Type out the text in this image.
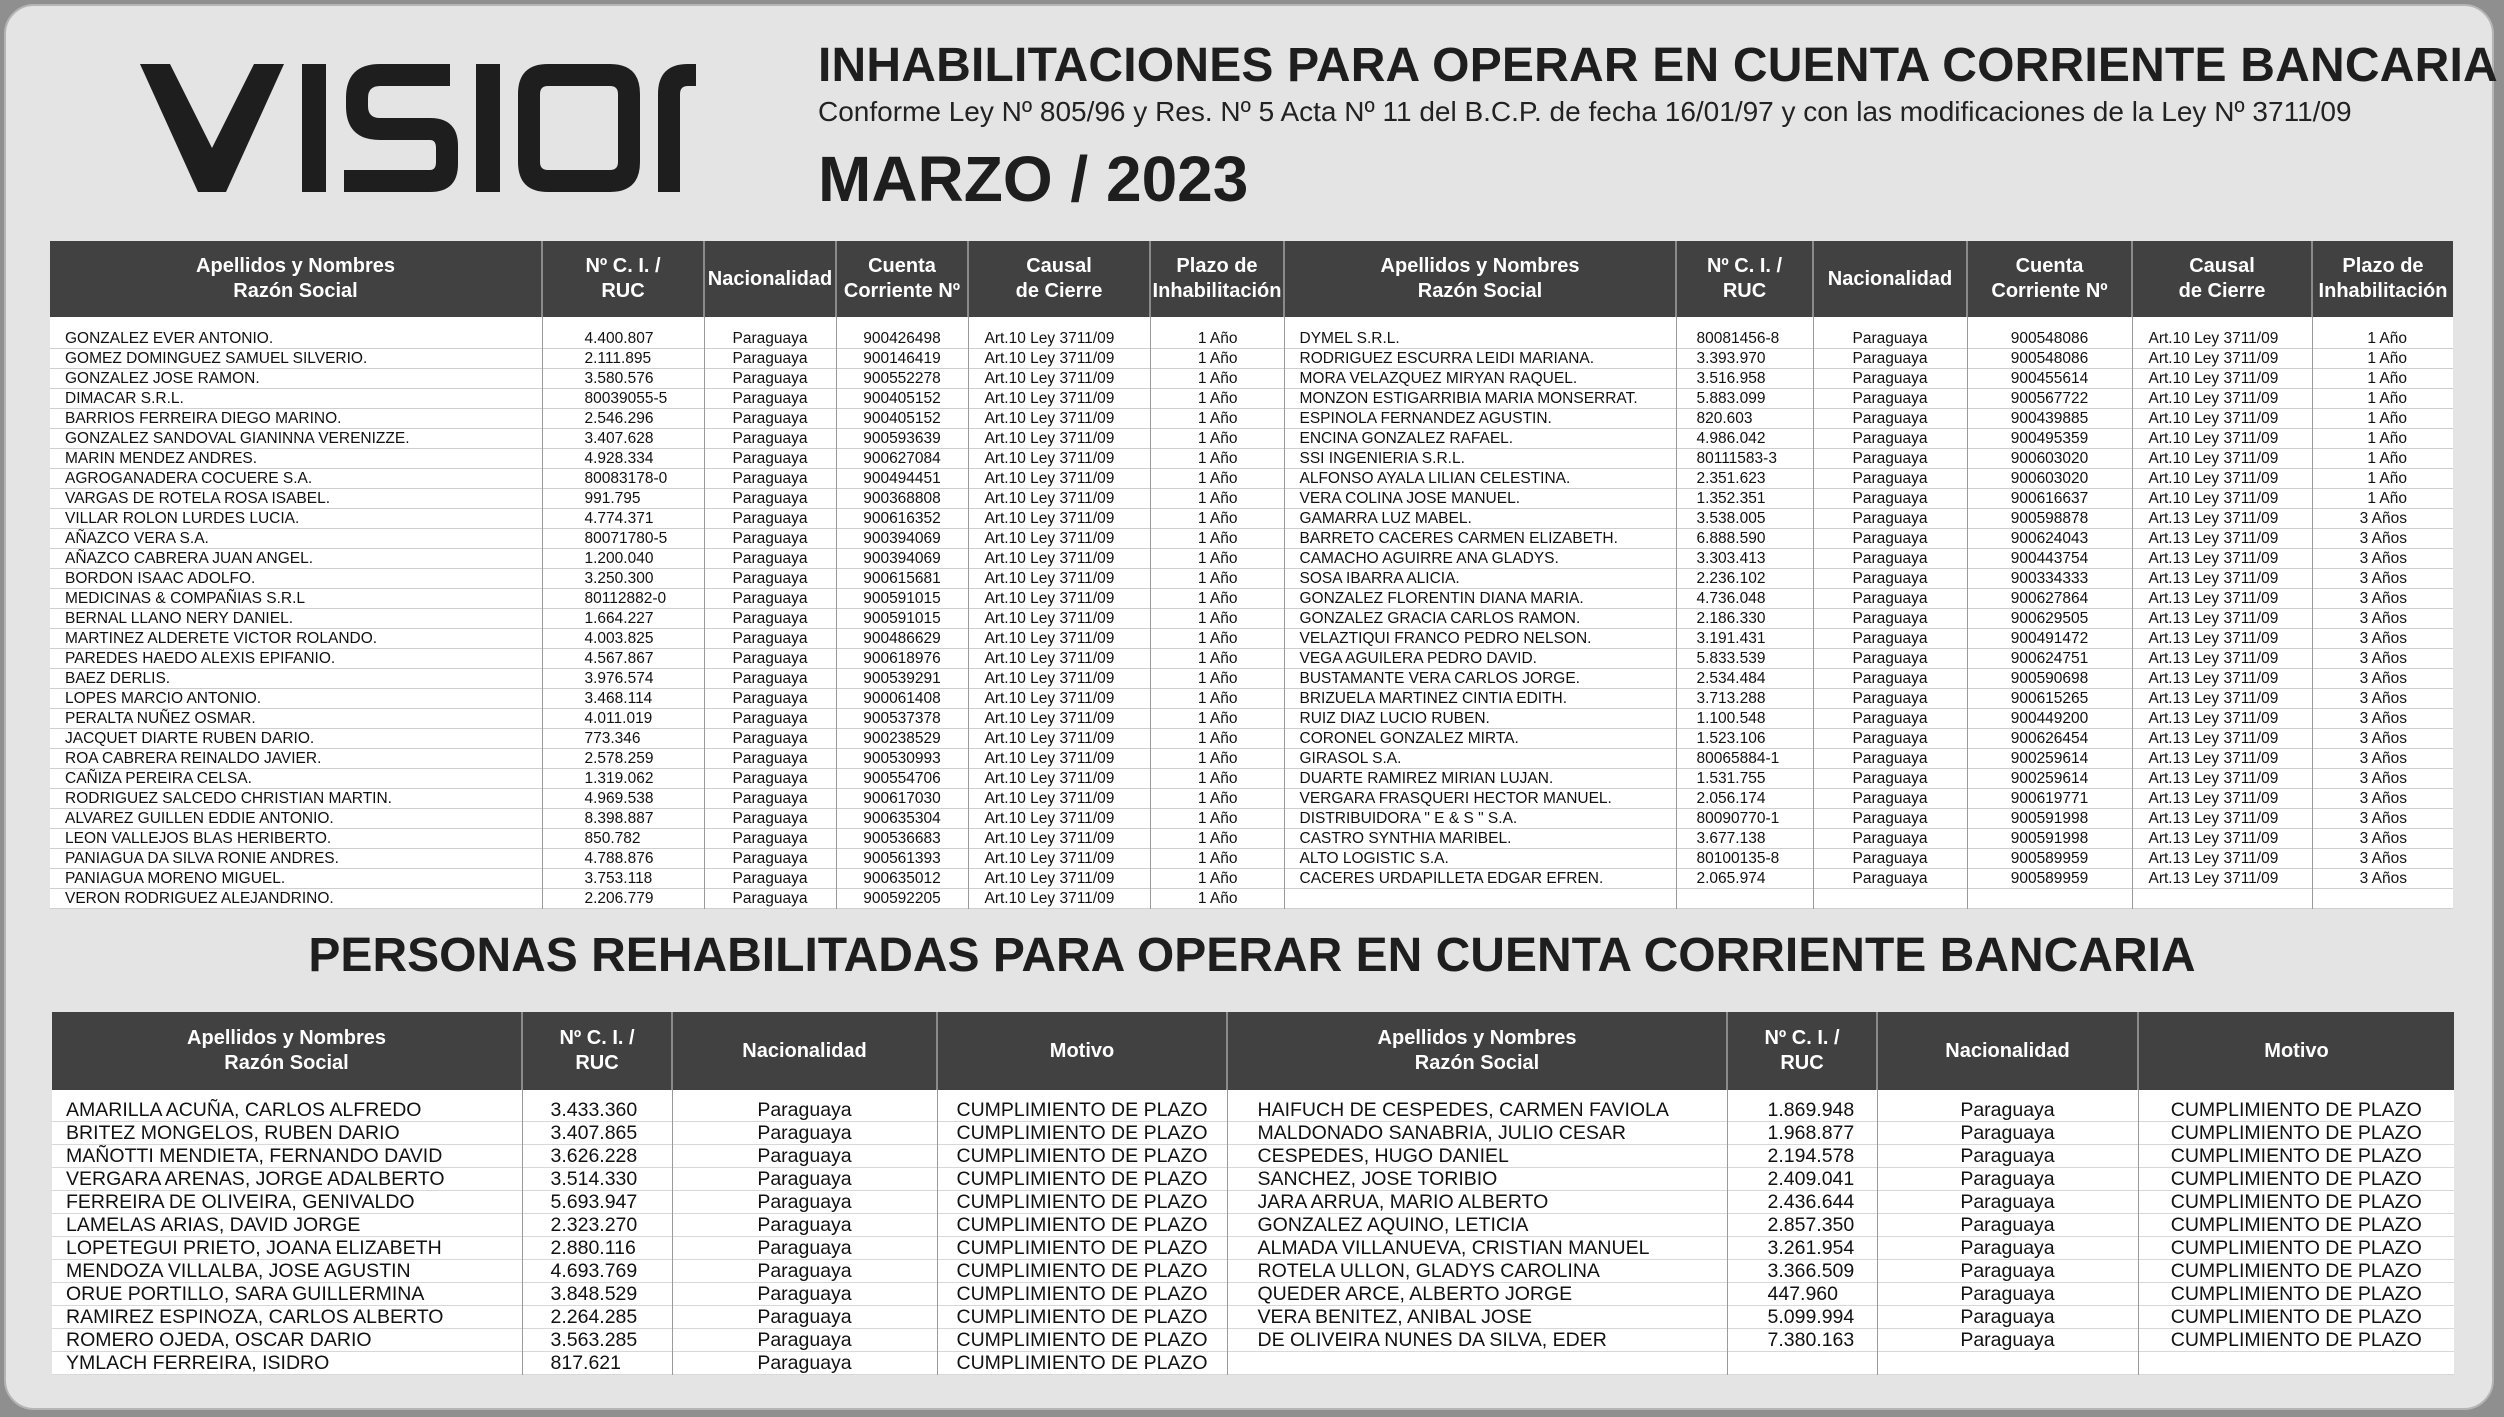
INHABILITACIONES PARA OPERAR EN CUENTA CORRIENTE BANCARIA
Conforme Ley Nº 805/96 y Res. Nº 5 Acta Nº 11 del B.C.P. de fecha 16/01/97 y con las modificaciones de la Ley Nº 3711/09
MARZO / 2023
Apellidos y Nombres
Razón Social	Nº C. I. /
RUC	Nacionalidad	Cuenta
Corriente Nº	Causal
de Cierre	Plazo de
Inhabilitación	Apellidos y Nombres
Razón Social	Nº C. I. /
RUC	Nacionalidad	Cuenta
Corriente Nº	Causal
de Cierre	Plazo de
Inhabilitación

GONZALEZ EVER ANTONIO.	4.400.807	Paraguaya	900426498	Art.10 Ley 3711/09	1 Año	DYMEL S.R.L.	80081456-8	Paraguaya	900548086	Art.10 Ley 3711/09	1 Año
GOMEZ DOMINGUEZ SAMUEL SILVERIO.	2.111.895	Paraguaya	900146419	Art.10 Ley 3711/09	1 Año	RODRIGUEZ ESCURRA LEIDI MARIANA.	3.393.970	Paraguaya	900548086	Art.10 Ley 3711/09	1 Año
GONZALEZ JOSE RAMON.	3.580.576	Paraguaya	900552278	Art.10 Ley 3711/09	1 Año	MORA VELAZQUEZ MIRYAN RAQUEL.	3.516.958	Paraguaya	900455614	Art.10 Ley 3711/09	1 Año
DIMACAR S.R.L.	80039055-5	Paraguaya	900405152	Art.10 Ley 3711/09	1 Año	MONZON ESTIGARRIBIA MARIA MONSERRAT.	5.883.099	Paraguaya	900567722	Art.10 Ley 3711/09	1 Año
BARRIOS FERREIRA DIEGO MARINO.	2.546.296	Paraguaya	900405152	Art.10 Ley 3711/09	1 Año	ESPINOLA FERNANDEZ AGUSTIN.	820.603	Paraguaya	900439885	Art.10 Ley 3711/09	1 Año
GONZALEZ SANDOVAL GIANINNA VERENIZZE.	3.407.628	Paraguaya	900593639	Art.10 Ley 3711/09	1 Año	ENCINA GONZALEZ RAFAEL.	4.986.042	Paraguaya	900495359	Art.10 Ley 3711/09	1 Año
MARIN MENDEZ ANDRES.	4.928.334	Paraguaya	900627084	Art.10 Ley 3711/09	1 Año	SSI INGENIERIA S.R.L.	80111583-3	Paraguaya	900603020	Art.10 Ley 3711/09	1 Año
AGROGANADERA COCUERE S.A.	80083178-0	Paraguaya	900494451	Art.10 Ley 3711/09	1 Año	ALFONSO AYALA LILIAN CELESTINA.	2.351.623	Paraguaya	900603020	Art.10 Ley 3711/09	1 Año
VARGAS DE ROTELA ROSA ISABEL.	991.795	Paraguaya	900368808	Art.10 Ley 3711/09	1 Año	VERA COLINA JOSE MANUEL.	1.352.351	Paraguaya	900616637	Art.10 Ley 3711/09	1 Año
VILLAR ROLON LURDES LUCIA.	4.774.371	Paraguaya	900616352	Art.10 Ley 3711/09	1 Año	GAMARRA LUZ MABEL.	3.538.005	Paraguaya	900598878	Art.13 Ley 3711/09	3 Años
AÑAZCO VERA S.A.	80071780-5	Paraguaya	900394069	Art.10 Ley 3711/09	1 Año	BARRETO CACERES CARMEN ELIZABETH.	6.888.590	Paraguaya	900624043	Art.13 Ley 3711/09	3 Años
AÑAZCO CABRERA JUAN ANGEL.	1.200.040	Paraguaya	900394069	Art.10 Ley 3711/09	1 Año	CAMACHO AGUIRRE ANA GLADYS.	3.303.413	Paraguaya	900443754	Art.13 Ley 3711/09	3 Años
BORDON ISAAC ADOLFO.	3.250.300	Paraguaya	900615681	Art.10 Ley 3711/09	1 Año	SOSA IBARRA ALICIA.	2.236.102	Paraguaya	900334333	Art.13 Ley 3711/09	3 Años
MEDICINAS & COMPAÑIAS S.R.L	80112882-0	Paraguaya	900591015	Art.10 Ley 3711/09	1 Año	GONZALEZ FLORENTIN DIANA MARIA.	4.736.048	Paraguaya	900627864	Art.13 Ley 3711/09	3 Años
BERNAL LLANO NERY DANIEL.	1.664.227	Paraguaya	900591015	Art.10 Ley 3711/09	1 Año	GONZALEZ GRACIA CARLOS RAMON.	2.186.330	Paraguaya	900629505	Art.13 Ley 3711/09	3 Años
MARTINEZ ALDERETE VICTOR ROLANDO.	4.003.825	Paraguaya	900486629	Art.10 Ley 3711/09	1 Año	VELAZTIQUI FRANCO PEDRO NELSON.	3.191.431	Paraguaya	900491472	Art.13 Ley 3711/09	3 Años
PAREDES HAEDO ALEXIS EPIFANIO.	4.567.867	Paraguaya	900618976	Art.10 Ley 3711/09	1 Año	VEGA AGUILERA PEDRO DAVID.	5.833.539	Paraguaya	900624751	Art.13 Ley 3711/09	3 Años
BAEZ DERLIS.	3.976.574	Paraguaya	900539291	Art.10 Ley 3711/09	1 Año	BUSTAMANTE VERA CARLOS JORGE.	2.534.484	Paraguaya	900590698	Art.13 Ley 3711/09	3 Años
LOPES MARCIO ANTONIO.	3.468.114	Paraguaya	900061408	Art.10 Ley 3711/09	1 Año	BRIZUELA MARTINEZ CINTIA EDITH.	3.713.288	Paraguaya	900615265	Art.13 Ley 3711/09	3 Años
PERALTA NUÑEZ OSMAR.	4.011.019	Paraguaya	900537378	Art.10 Ley 3711/09	1 Año	RUIZ DIAZ LUCIO RUBEN.	1.100.548	Paraguaya	900449200	Art.13 Ley 3711/09	3 Años
JACQUET DIARTE RUBEN DARIO.	773.346	Paraguaya	900238529	Art.10 Ley 3711/09	1 Año	CORONEL GONZALEZ MIRTA.	1.523.106	Paraguaya	900626454	Art.13 Ley 3711/09	3 Años
ROA CABRERA REINALDO JAVIER.	2.578.259	Paraguaya	900530993	Art.10 Ley 3711/09	1 Año	GIRASOL S.A.	80065884-1	Paraguaya	900259614	Art.13 Ley 3711/09	3 Años
CAÑIZA PEREIRA CELSA.	1.319.062	Paraguaya	900554706	Art.10 Ley 3711/09	1 Año	DUARTE RAMIREZ MIRIAN LUJAN.	1.531.755	Paraguaya	900259614	Art.13 Ley 3711/09	3 Años
RODRIGUEZ SALCEDO CHRISTIAN MARTIN.	4.969.538	Paraguaya	900617030	Art.10 Ley 3711/09	1 Año	VERGARA FRASQUERI HECTOR MANUEL.	2.056.174	Paraguaya	900619771	Art.13 Ley 3711/09	3 Años
ALVAREZ GUILLEN EDDIE ANTONIO.	8.398.887	Paraguaya	900635304	Art.10 Ley 3711/09	1 Año	DISTRIBUIDORA " E & S " S.A.	80090770-1	Paraguaya	900591998	Art.13 Ley 3711/09	3 Años
LEON VALLEJOS BLAS HERIBERTO.	850.782	Paraguaya	900536683	Art.10 Ley 3711/09	1 Año	CASTRO SYNTHIA MARIBEL.	3.677.138	Paraguaya	900591998	Art.13 Ley 3711/09	3 Años
PANIAGUA DA SILVA RONIE ANDRES.	4.788.876	Paraguaya	900561393	Art.10 Ley 3711/09	1 Año	ALTO LOGISTIC S.A.	80100135-8	Paraguaya	900589959	Art.13 Ley 3711/09	3 Años
PANIAGUA MORENO MIGUEL.	3.753.118	Paraguaya	900635012	Art.10 Ley 3711/09	1 Año	CACERES URDAPILLETA EDGAR EFREN.	2.065.974	Paraguaya	900589959	Art.13 Ley 3711/09	3 Años
VERON RODRIGUEZ ALEJANDRINO.	2.206.779	Paraguaya	900592205	Art.10 Ley 3711/09	1 Año						
PERSONAS REHABILITADAS PARA OPERAR EN CUENTA CORRIENTE BANCARIA
Apellidos y Nombres
Razón Social	Nº C. I. /
RUC	Nacionalidad	Motivo	Apellidos y Nombres
Razón Social	Nº C. I. /
RUC	Nacionalidad	Motivo

AMARILLA ACUÑA, CARLOS ALFREDO	3.433.360	Paraguaya	CUMPLIMIENTO DE PLAZO	HAIFUCH DE CESPEDES, CARMEN FAVIOLA	1.869.948	Paraguaya	CUMPLIMIENTO DE PLAZO
BRITEZ MONGELOS, RUBEN DARIO	3.407.865	Paraguaya	CUMPLIMIENTO DE PLAZO	MALDONADO SANABRIA, JULIO CESAR	1.968.877	Paraguaya	CUMPLIMIENTO DE PLAZO
MAÑOTTI MENDIETA, FERNANDO DAVID	3.626.228	Paraguaya	CUMPLIMIENTO DE PLAZO	CESPEDES, HUGO DANIEL	2.194.578	Paraguaya	CUMPLIMIENTO DE PLAZO
VERGARA ARENAS, JORGE ADALBERTO	3.514.330	Paraguaya	CUMPLIMIENTO DE PLAZO	SANCHEZ, JOSE TORIBIO	2.409.041	Paraguaya	CUMPLIMIENTO DE PLAZO
FERREIRA DE OLIVEIRA, GENIVALDO	5.693.947	Paraguaya	CUMPLIMIENTO DE PLAZO	JARA ARRUA, MARIO ALBERTO	2.436.644	Paraguaya	CUMPLIMIENTO DE PLAZO
LAMELAS ARIAS, DAVID JORGE	2.323.270	Paraguaya	CUMPLIMIENTO DE PLAZO	GONZALEZ AQUINO, LETICIA	2.857.350	Paraguaya	CUMPLIMIENTO DE PLAZO
LOPETEGUI PRIETO, JOANA ELIZABETH	2.880.116	Paraguaya	CUMPLIMIENTO DE PLAZO	ALMADA VILLANUEVA, CRISTIAN MANUEL	3.261.954	Paraguaya	CUMPLIMIENTO DE PLAZO
MENDOZA VILLALBA, JOSE AGUSTIN	4.693.769	Paraguaya	CUMPLIMIENTO DE PLAZO	ROTELA ULLON, GLADYS CAROLINA	3.366.509	Paraguaya	CUMPLIMIENTO DE PLAZO
ORUE PORTILLO, SARA GUILLERMINA	3.848.529	Paraguaya	CUMPLIMIENTO DE PLAZO	QUEDER ARCE, ALBERTO JORGE	447.960	Paraguaya	CUMPLIMIENTO DE PLAZO
RAMIREZ ESPINOZA, CARLOS ALBERTO	2.264.285	Paraguaya	CUMPLIMIENTO DE PLAZO	VERA BENITEZ, ANIBAL JOSE	5.099.994	Paraguaya	CUMPLIMIENTO DE PLAZO
ROMERO OJEDA, OSCAR DARIO	3.563.285	Paraguaya	CUMPLIMIENTO DE PLAZO	DE OLIVEIRA NUNES DA SILVA, EDER	7.380.163	Paraguaya	CUMPLIMIENTO DE PLAZO
YMLACH FERREIRA, ISIDRO	817.621	Paraguaya	CUMPLIMIENTO DE PLAZO				
